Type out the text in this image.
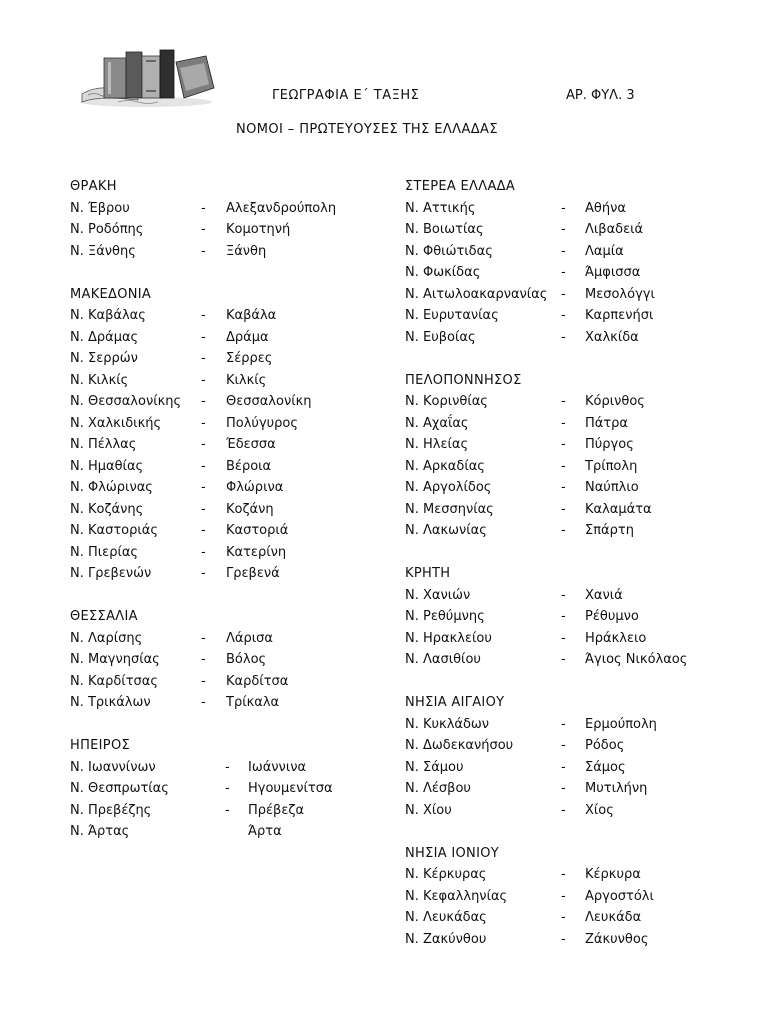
ΓΕΩΓΡΑΦΙΑ Ε΄ ΤΑΞΗΣ	ΑΡ. ΦΥΛ. 3
ΝΟΜΟΙ – ΠΡΩΤΕΥΟΥΣΕΣ ΤΗΣ ΕΛΛΑΔΑΣ
ΘΡΑΚΗ
Ν. Έβρου	- Αλεξανδρούπολη
Ν. Ροδόπης	- Κομοτηνή
Ν. Ξάνθης	- Ξάνθη
ΜΑΚΕΔΟΝΙΑ
Ν. Καβάλας	- Καβάλα
Ν. Δράμας	- Δράμα
Ν. Σερρών	- Σέρρες
Ν. Κιλκίς	- Κιλκίς
Ν. Θεσσαλονίκης - Θεσσαλονίκη
Ν. Χαλκιδικής	- Πολύγυρος
Ν. Πέλλας	- Έδεσσα
Ν. Ημαθίας	- Βέροια
Ν. Φλώρινας	- Φλώρινα
Ν. Κοζάνης	- Κοζάνη
Ν. Καστοριάς	- Καστοριά
Ν. Πιερίας	- Κατερίνη
Ν. Γρεβενών	- Γρεβενά
ΘΕΣΣΑΛΙΑ
Ν. Λαρίσης	- Λάρισα
Ν. Μαγνησίας	- Βόλος
Ν. Καρδίτσας	- Καρδίτσα
Ν. Τρικάλων	- Τρίκαλα
ΗΠΕΙΡΟΣ
Ν. Ιωαννίνων	- Ιωάννινα
Ν. Θεσπρωτίας	- Ηγουμενίτσα
Ν. Πρεβέζης	- Πρέβεζα
Ν. Άρτας	Άρτα
ΣΤΕΡΕΑ ΕΛΛΑΔΑ
Ν. Αττικής	- Αθήνα
Ν. Βοιωτίας	- Λιβαδειά
Ν. Φθιώτιδας	- Λαμία
Ν. Φωκίδας	- Άμφισσα
Ν. Αιτωλοακαρνανίας - Μεσολόγγι
Ν. Ευρυτανίας	- Καρπενήσι
Ν. Ευβοίας	- Χαλκίδα
ΠΕΛΟΠΟΝΝΗΣΟΣ
Ν. Κορινθίας	- Κόρινθος
Ν. Αχαΐας	- Πάτρα
Ν. Ηλείας	- Πύργος
Ν. Αρκαδίας	- Τρίπολη
Ν. Αργολίδος	- Ναύπλιο
Ν. Μεσσηνίας	- Καλαμάτα
Ν. Λακωνίας	- Σπάρτη
ΚΡΗΤΗ
Ν. Χανιών	- Χανιά
Ν. Ρεθύμνης	- Ρέθυμνο
Ν. Ηρακλείου	- Ηράκλειο
Ν. Λασιθίου	- Άγιος Νικόλαος
ΝΗΣΙΑ ΑΙΓΑΙΟΥ
Ν. Κυκλάδων	- Ερμούπολη
Ν. Δωδεκανήσου	- Ρόδος
Ν. Σάμου	- Σάμος
Ν. Λέσβου	- Μυτιλήνη
Ν. Χίου	- Χίος
ΝΗΣΙΑ ΙΟΝΙΟΥ
Ν. Κέρκυρας	- Κέρκυρα
Ν. Κεφαλληνίας	- Αργοστόλι
Ν. Λευκάδας	- Λευκάδα
Ν. Ζακύνθου	- Ζάκυνθος
